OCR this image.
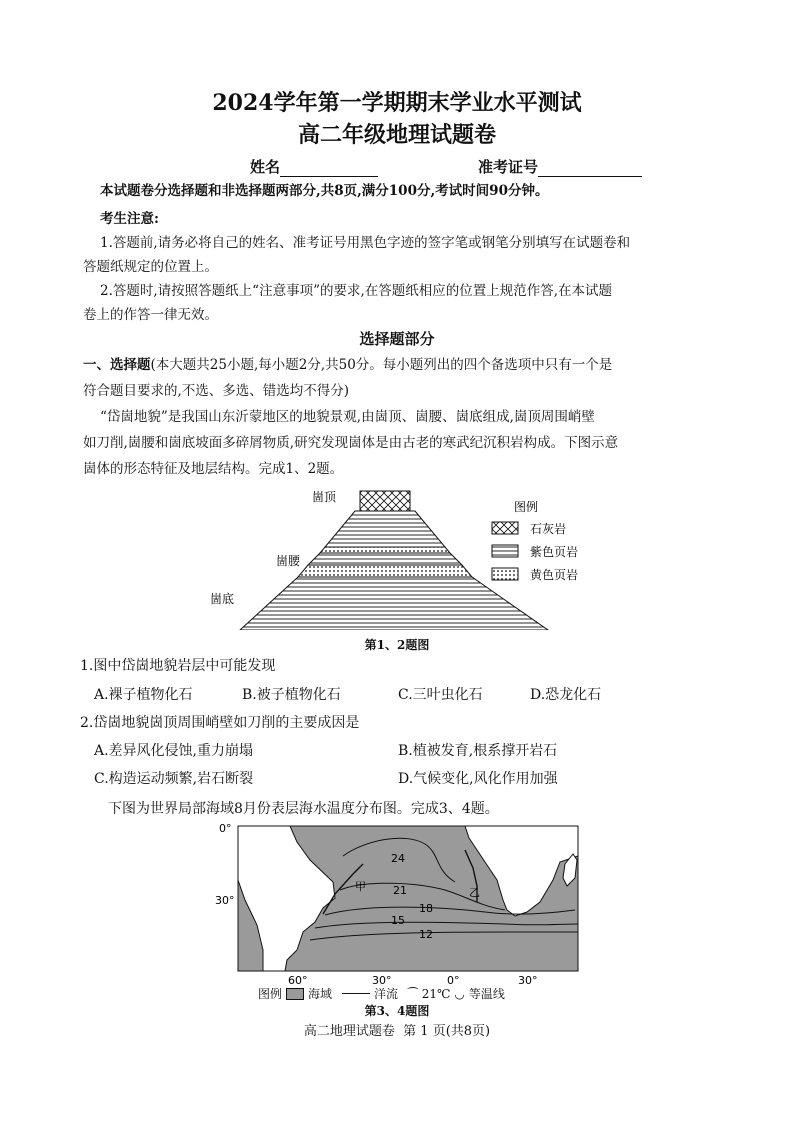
2024学年第一学期期末学业水平测试
高二年级地理试题卷
姓名	准考证号
本试题卷分选择题和非选择题两部分,共8页,满分100分,考试时间90分钟。
考生注意:
1.答题前,请务必将自己的姓名、准考证号用黑色字迹的签字笔或钢笔分别填写在试题卷和
答题纸规定的位置上。
2.答题时,请按照答题纸上“注意事项”的要求,在答题纸相应的位置上规范作答,在本试题
卷上的作答一律无效。
选择题部分
一、选择题(本大题共25小题,每小题2分,共50分。每小题列出的四个备选项中只有一个是
符合题目要求的,不选、多选、错选均不得分)
“岱崮地貌”是我国山东沂蒙地区的地貌景观,由崮顶、崮腰、崮底组成,崮顶周围峭壁
如刀削,崮腰和崮底坡面多碎屑物质,研究发现崮体是由古老的寒武纪沉积岩构成。下图示意
崮体的形态特征及地层结构。完成1、2题。
崮顶
崮腰
崮底
图例
石灰岩
紫色页岩
黄色页岩
第1、2题图
1.图中岱崮地貌岩层中可能发现
A.裸子植物化石	B.被子植物化石	C.三叶虫化石	D.恐龙化石
2.岱崮地貌崮顶周围峭壁如刀削的主要成因是
A.差异风化侵蚀,重力崩塌	B.植被发育,根系撑开岩石
C.构造运动频繁,岩石断裂	D.气候变化,风化作用加强
下图为世界局部海域8月份表层海水温度分布图。完成3、4题。
24
21
18
15
12
甲	乙
0°
30°
60°	30°	0°	30°
图例 海域	洋流 ⁀ 21℃ ◡ 等温线
第3、4题图
高二地理试题卷  第 1 页(共8页)
